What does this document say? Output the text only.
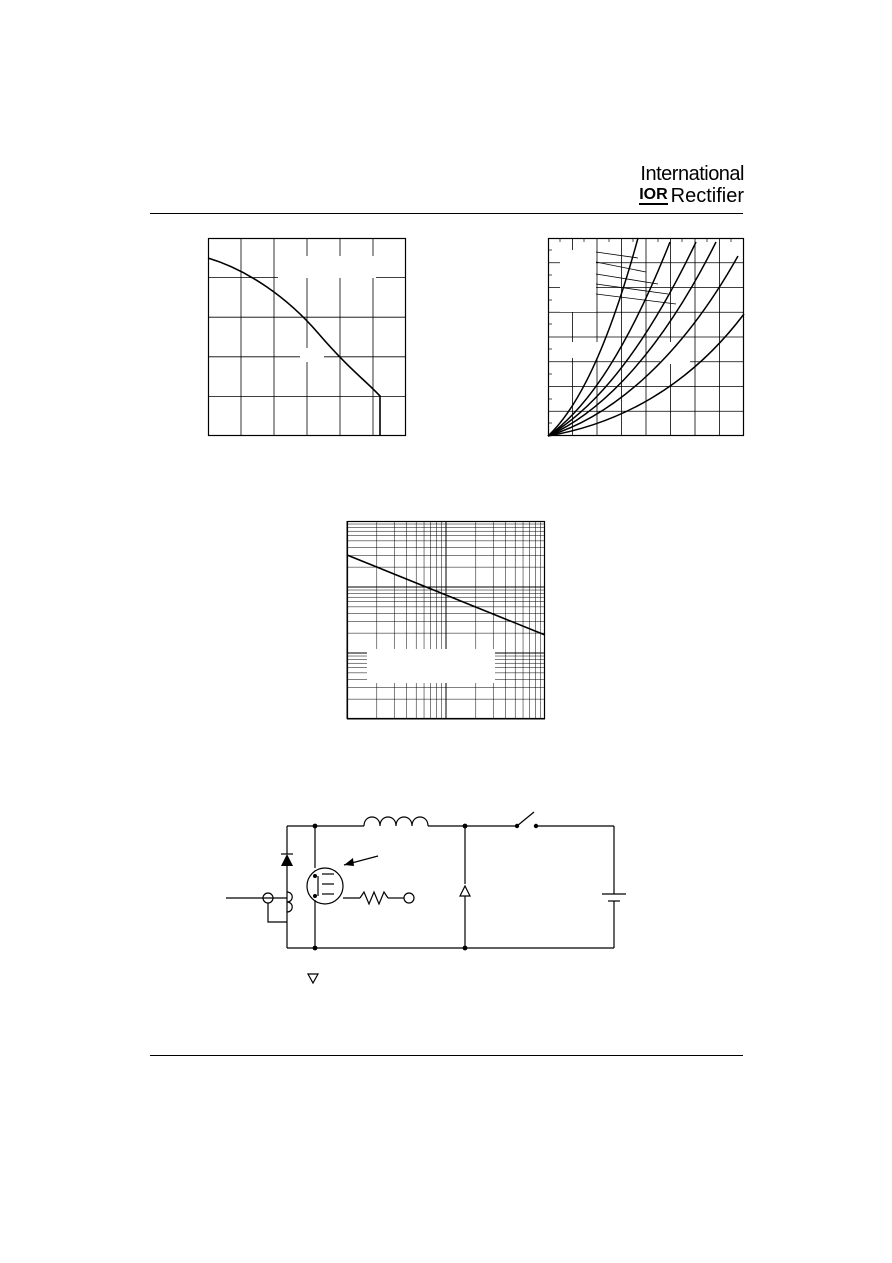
International
IOR Rectifier
